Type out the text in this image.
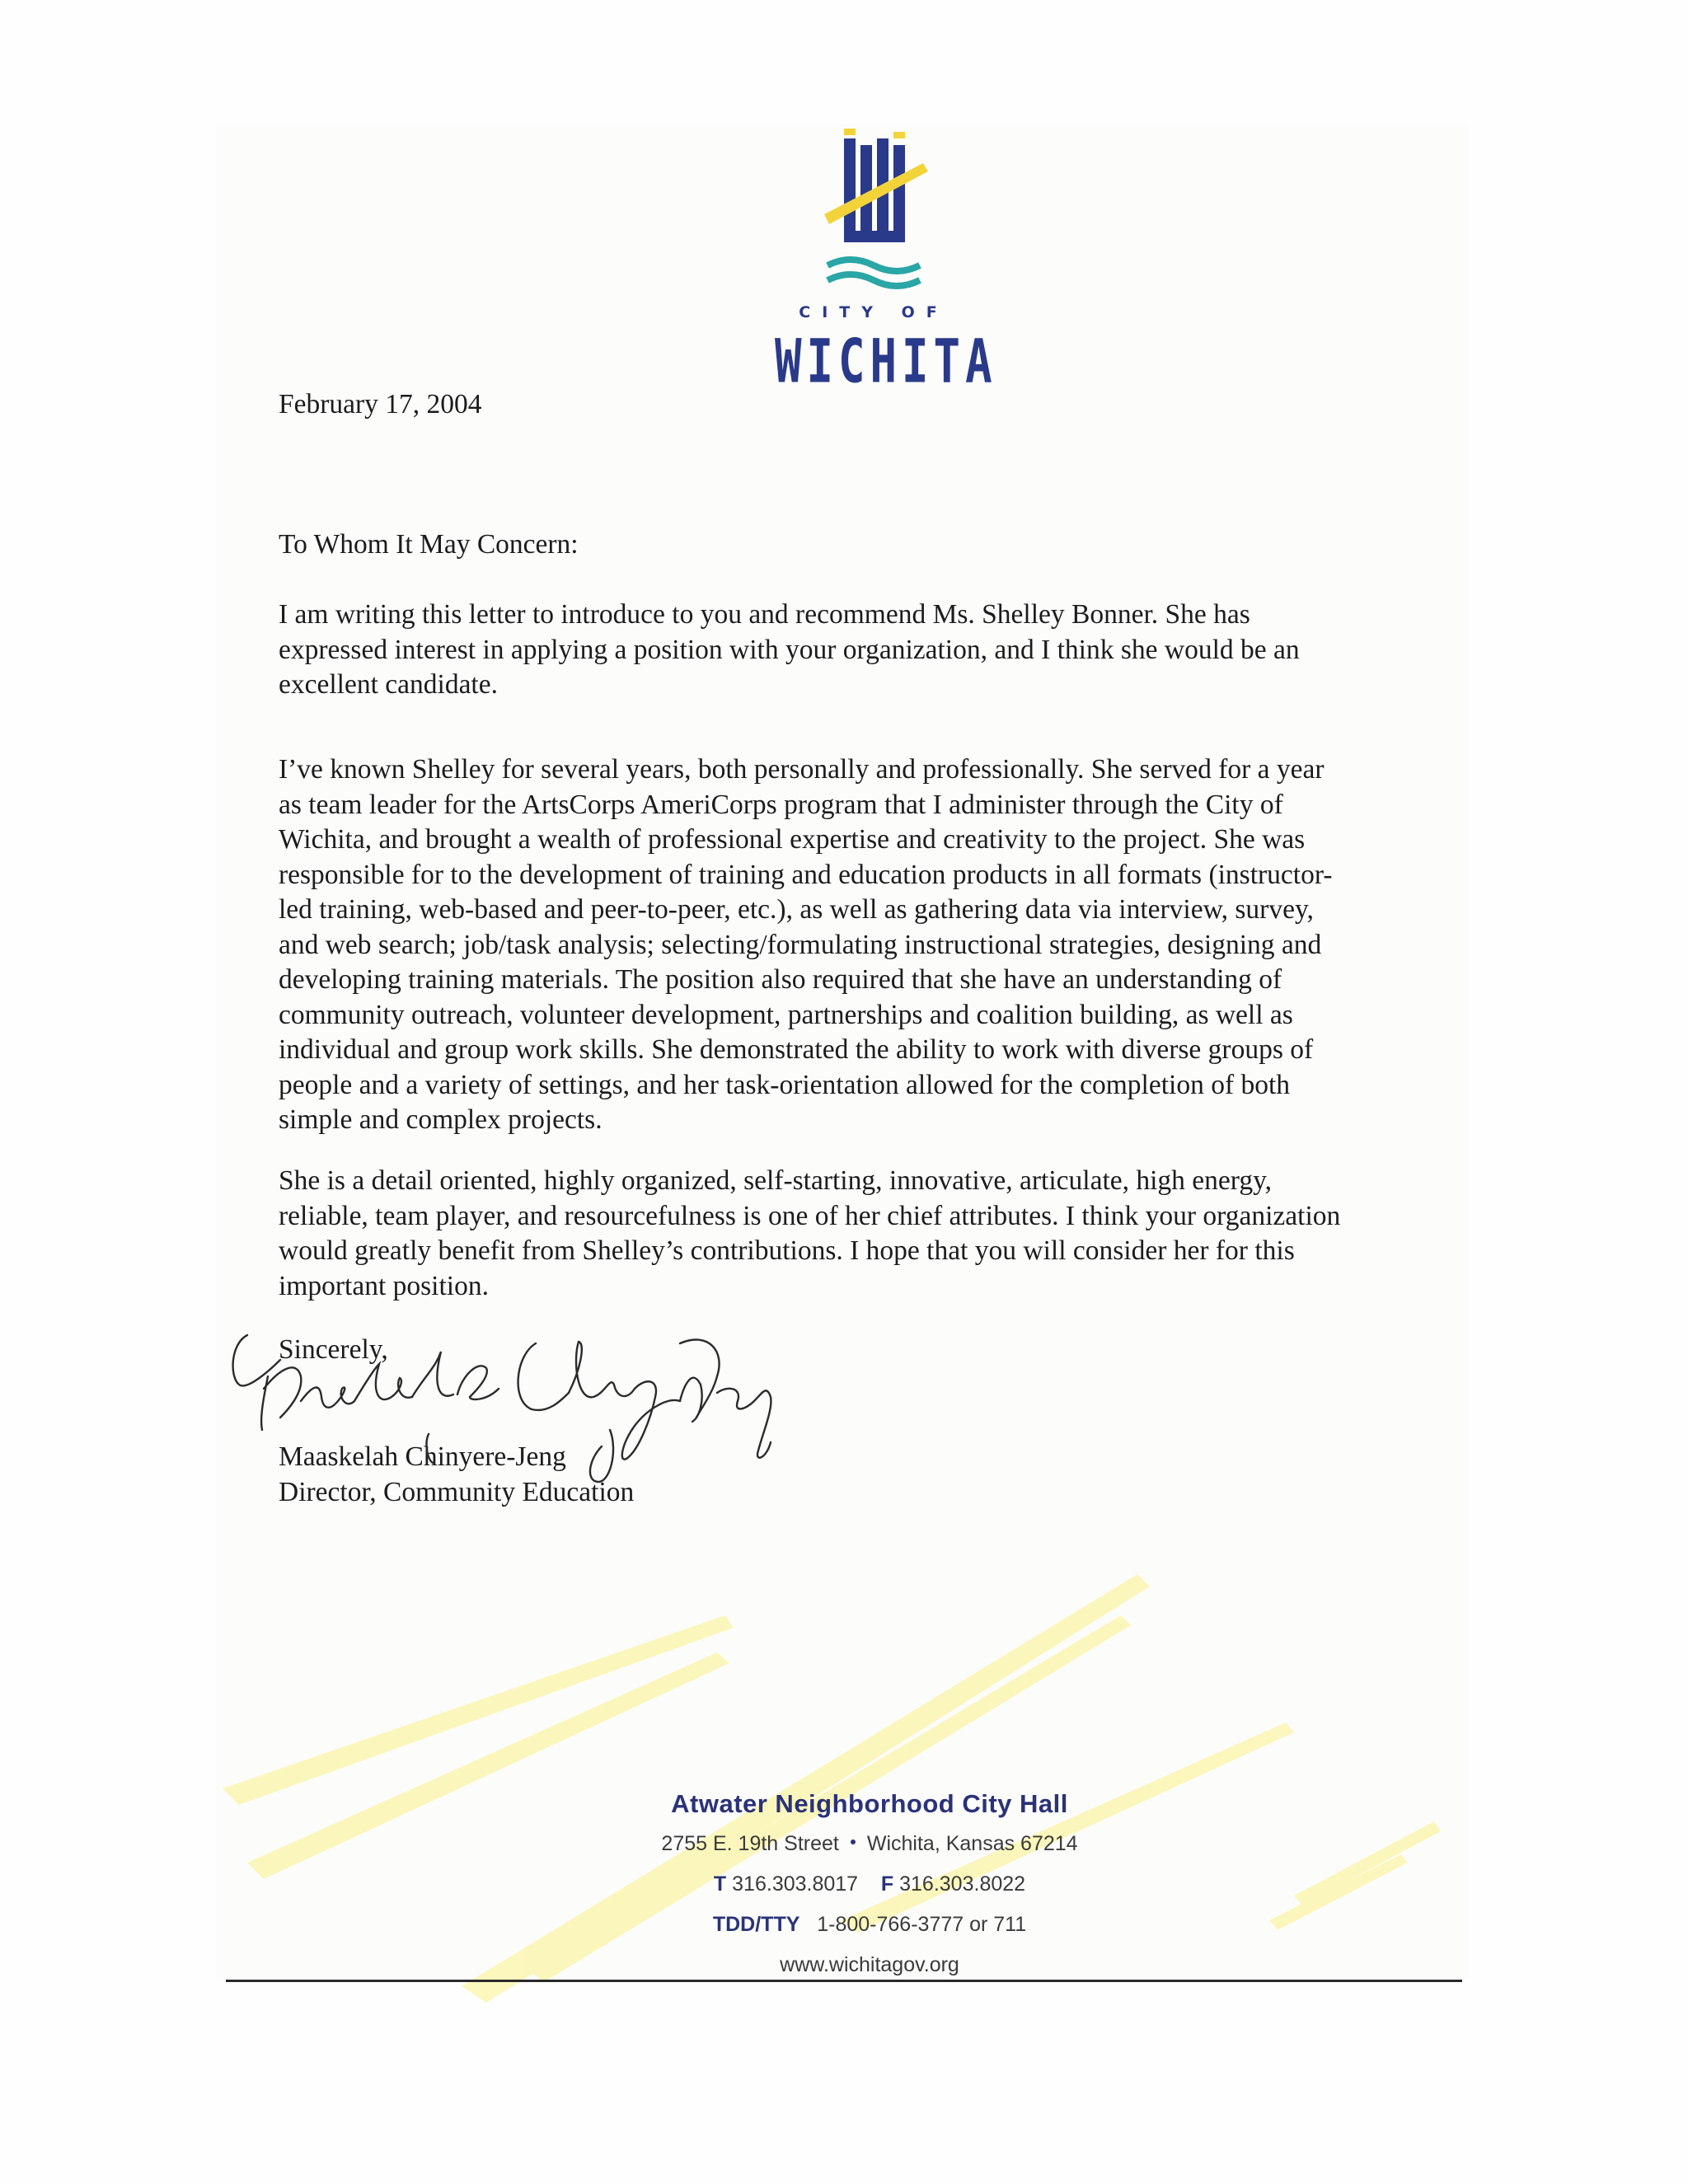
CITY OF
WICHITA
February 17, 2004
To Whom It May Concern:
I am writing this letter to introduce to you and recommend Ms. Shelley Bonner. She has
expressed interest in applying a position with your organization, and I think she would be an
excellent candidate.
I’ve known Shelley for several years, both personally and professionally. She served for a year
as team leader for the ArtsCorps AmeriCorps program that I administer through the City of
Wichita, and brought a wealth of professional expertise and creativity to the project. She was
responsible for to the development of training and education products in all formats (instructor-
led training, web-based and peer-to-peer, etc.), as well as gathering data via interview, survey,
and web search; job/task analysis; selecting/formulating instructional strategies, designing and
developing training materials. The position also required that she have an understanding of
community outreach, volunteer development, partnerships and coalition building, as well as
individual and group work skills. She demonstrated the ability to work with diverse groups of
people and a variety of settings, and her task-orientation allowed for the completion of both
simple and complex projects.
She is a detail oriented, highly organized, self-starting, innovative, articulate, high energy,
reliable, team player, and resourcefulness is one of her chief attributes. I think your organization
would greatly benefit from Shelley’s contributions. I hope that you will consider her for this
important position.
Sincerely,
Maaskelah Chinyere-Jeng
Director, Community Education
Atwater Neighborhood City Hall
2755 E. 19th Street Wichita, Kansas 67214
T 316.303.8017 F 316.303.8022
TDD/TTY 1-800-766-3777 or 711
www.wichitagov.org
